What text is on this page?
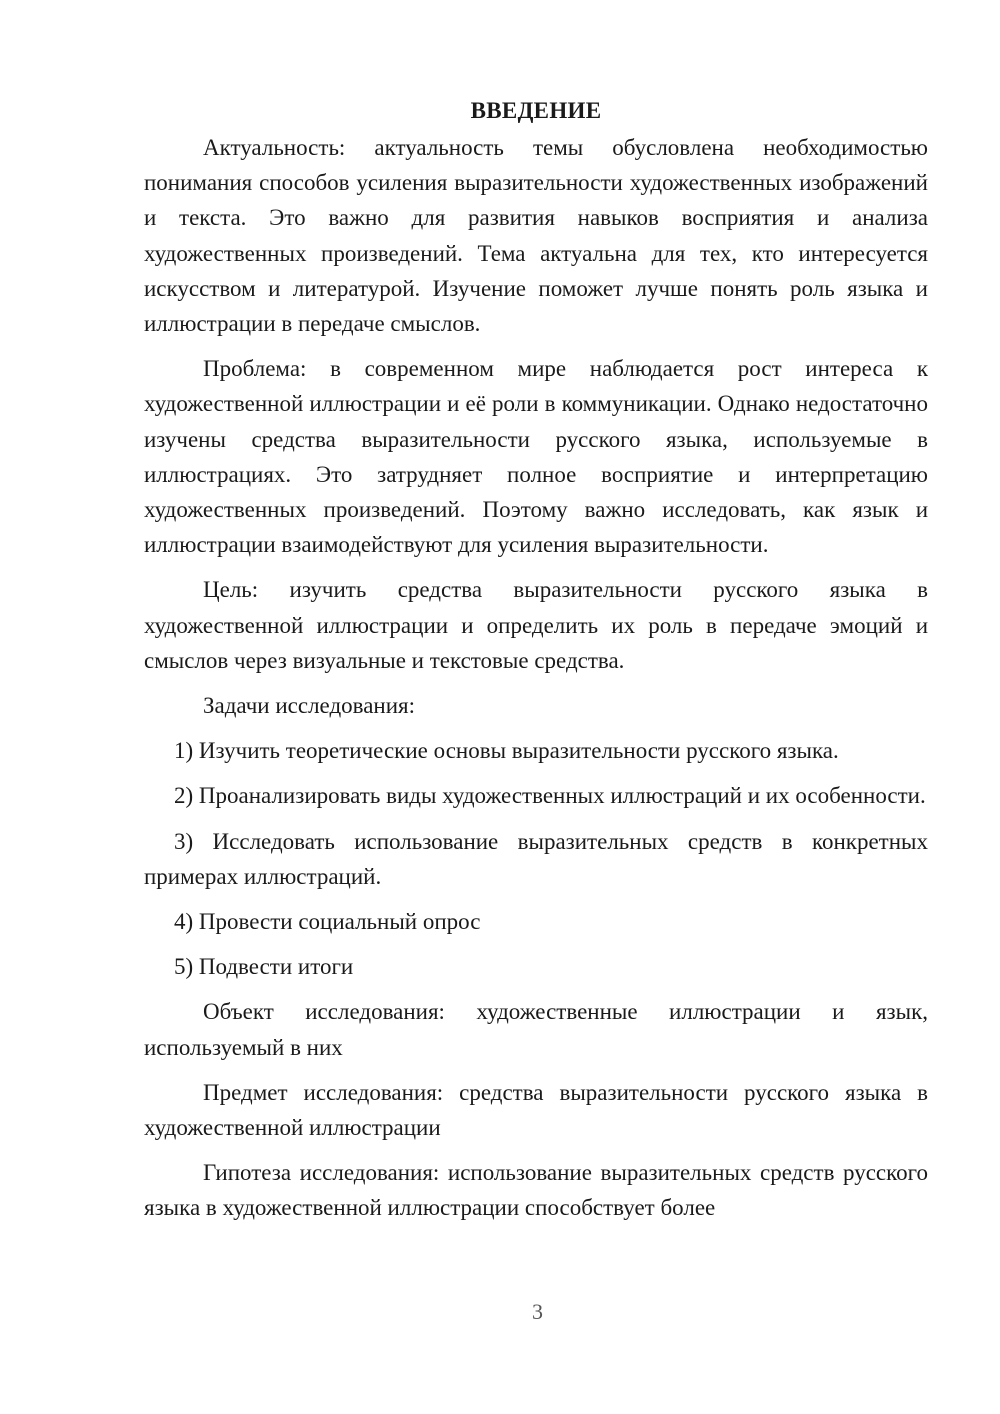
ВВЕДЕНИЕ

Актуальность: актуальность темы обусловлена необходимостью понимания способов усиления выразительности художественных изображений и текста. Это важно для развития навыков восприятия и анализа художественных произведений. Тема актуальна для тех, кто интересуется искусством и литературой. Изучение поможет лучше понять роль языка и иллюстрации в передаче смыслов.

Проблема: в современном мире наблюдается рост интереса к художественной иллюстрации и её роли в коммуникации. Однако недостаточно изучены средства выразительности русского языка, используемые в иллюстрациях. Это затрудняет полное восприятие и интерпретацию художественных произведений. Поэтому важно исследовать, как язык и иллюстрации взаимодействуют для усиления выразительности.

Цель: изучить средства выразительности русского языка в художественной иллюстрации и определить их роль в передаче эмоций и смыслов через визуальные и текстовые средства.

Задачи исследования:

1) Изучить теоретические основы выразительности русского языка.

2) Проанализировать виды художественных иллюстраций и их особенности.

3) Исследовать использование выразительных средств в конкретных примерах иллюстраций.

4) Провести социальный опрос

5) Подвести итоги

Объект исследования: художественные иллюстрации и язык, используемый в них

Предмет исследования: средства выразительности русского языка в художественной иллюстрации

Гипотеза исследования: использование выразительных средств русского языка в художественной иллюстрации способствует более

3
